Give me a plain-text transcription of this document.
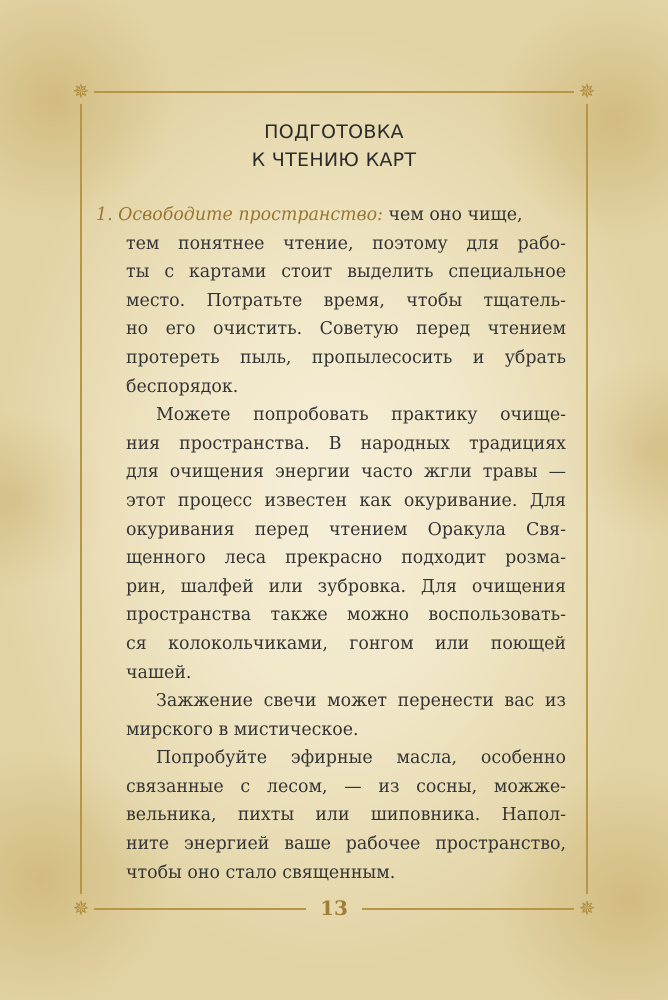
✵	✵
✵	✵
ПОДГОТОВКА
К ЧТЕНИЮ КАРТ
1. Освободите пространство: чем оно чище,
тем понятнее чтение, поэтому для рабо-
ты с картами стоит выделить специальное
место. Потратьте время, чтобы тщатель-
но его очистить. Советую перед чтением
протереть пыль, пропылесосить и убрать
беспорядок.
Можете попробовать практику очище-
ния пространства. В народных традициях
для очищения энергии часто жгли травы —
этот процесс известен как окуривание. Для
окуривания перед чтением Оракула Свя-
щенного леса прекрасно подходит розма-
рин, шалфей или зубровка. Для очищения
пространства также можно воспользовать-
ся колокольчиками, гонгом или поющей
чашей.
Зажжение свечи может перенести вас из
мирского в мистическое.
Попробуйте эфирные масла, особенно
связанные с лесом, — из сосны, можже-
вельника, пихты или шиповника. Напол-
ните энергией ваше рабочее пространство,
чтобы оно стало священным.
13
